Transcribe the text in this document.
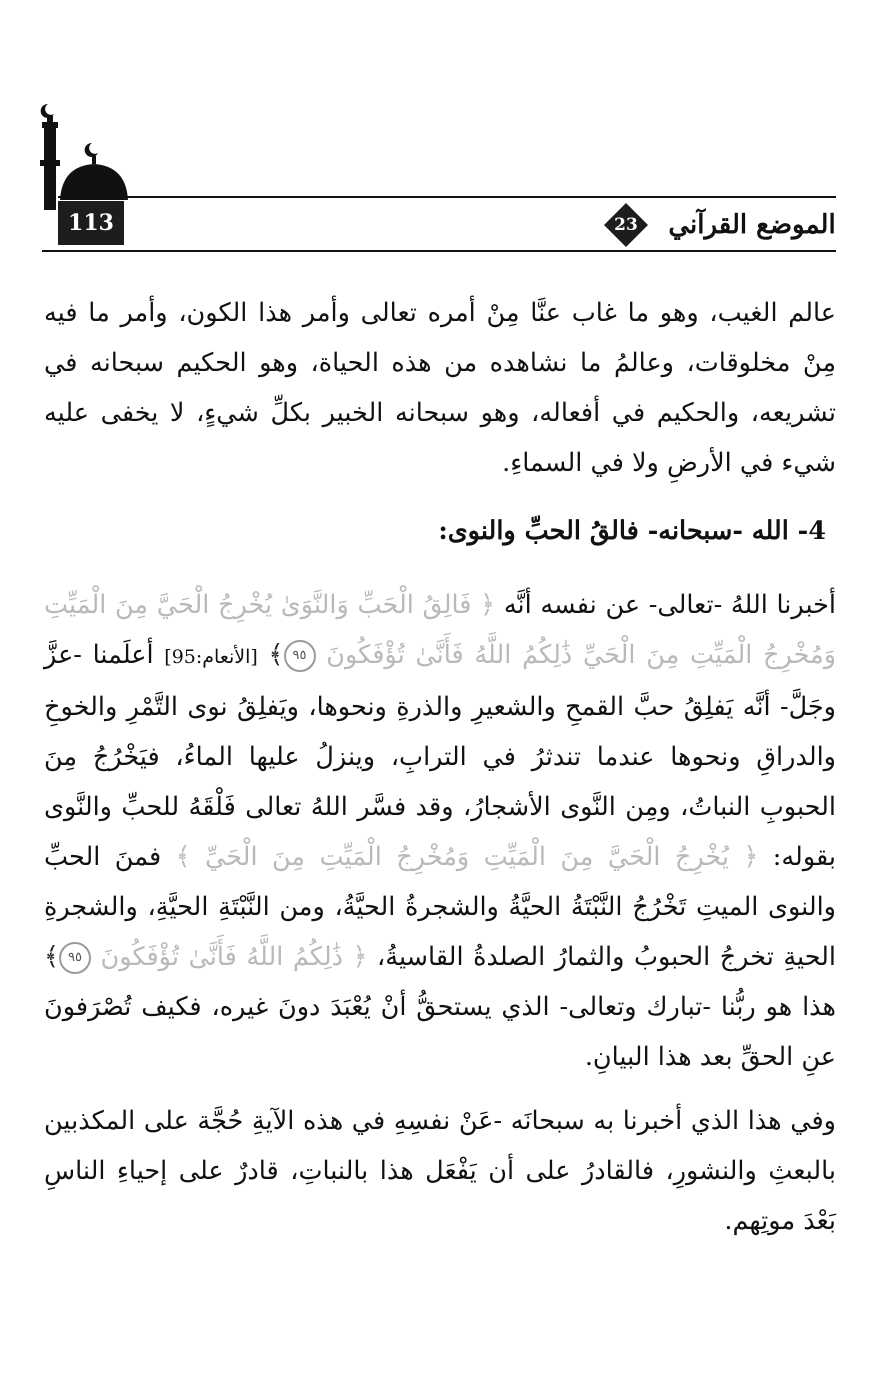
113	23	الموضع القرآني

عالم الغيب، وهو ما غاب عنَّا مِنْ أمره تعالى وأمر هذا الكون، وأمر ما فيه مِنْ مخلوقات، وعالمُ ما نشاهده من هذه الحياة، وهو الحكيم سبحانه في تشريعه، والحكيم في أفعاله، وهو سبحانه الخبير بكلِّ شيءٍ، لا يخفى عليه شيء في الأرضِ ولا في السماءِ.

4- الله -سبحانه- فالقُ الحبِّ والنوى:

أخبرنا اللهُ -تعالى- عن نفسه أنَّه ﴿ فَالِقُ الْحَبِّ وَالنَّوَىٰ يُخْرِجُ الْحَيَّ مِنَ الْمَيِّتِ وَمُخْرِجُ الْمَيِّتِ مِنَ الْحَيِّ ذَٰلِكُمُ اللَّهُ فَأَنَّىٰ تُؤْفَكُونَ ٩٥﴾ [الأنعام:95] أعلَمنا -عزَّ وجَلَّ- أنَّه يَفلِقُ حبَّ القمحِ والشعيرِ والذرةِ ونحوها، ويَفلِقُ نوى التَّمْرِ والخوخِ والدراقِ ونحوها عندما تندثرُ في الترابِ، وينزلُ عليها الماءُ، فيَخْرُجُ مِنَ الحبوبِ النباتُ، ومِن النَّوى الأشجارُ، وقد فسَّر اللهُ تعالى فَلْقَهُ للحبِّ والنَّوى بقوله: ﴿ يُخْرِجُ الْحَيَّ مِنَ الْمَيِّتِ وَمُخْرِجُ الْمَيِّتِ مِنَ الْحَيِّ ﴾ فمنَ الحبِّ والنوى الميتِ تَخْرُجُ النَّبْتَةُ الحيَّةُ والشجرةُ الحيَّةُ، ومن النَّبْتَةِ الحيَّةِ، والشجرةِ الحيةِ تخرجُ الحبوبُ والثمارُ الصلدةُ القاسيةُ، ﴿ ذَٰلِكُمُ اللَّهُ فَأَنَّىٰ تُؤْفَكُونَ ٩٥﴾ هذا هو ربُّنا -تبارك وتعالى- الذي يستحقُّ أنْ يُعْبَدَ دونَ غيره، فكيف تُصْرَفونَ عنِ الحقِّ بعد هذا البيانِ.

وفي هذا الذي أخبرنا به سبحانَه -عَنْ نفسِهِ في هذه الآيةِ حُجَّة على المكذبين بالبعثِ والنشورِ، فالقادرُ على أن يَفْعَل هذا بالنباتِ، قادرٌ على إحياءِ الناسِ بَعْدَ موتِهم.
